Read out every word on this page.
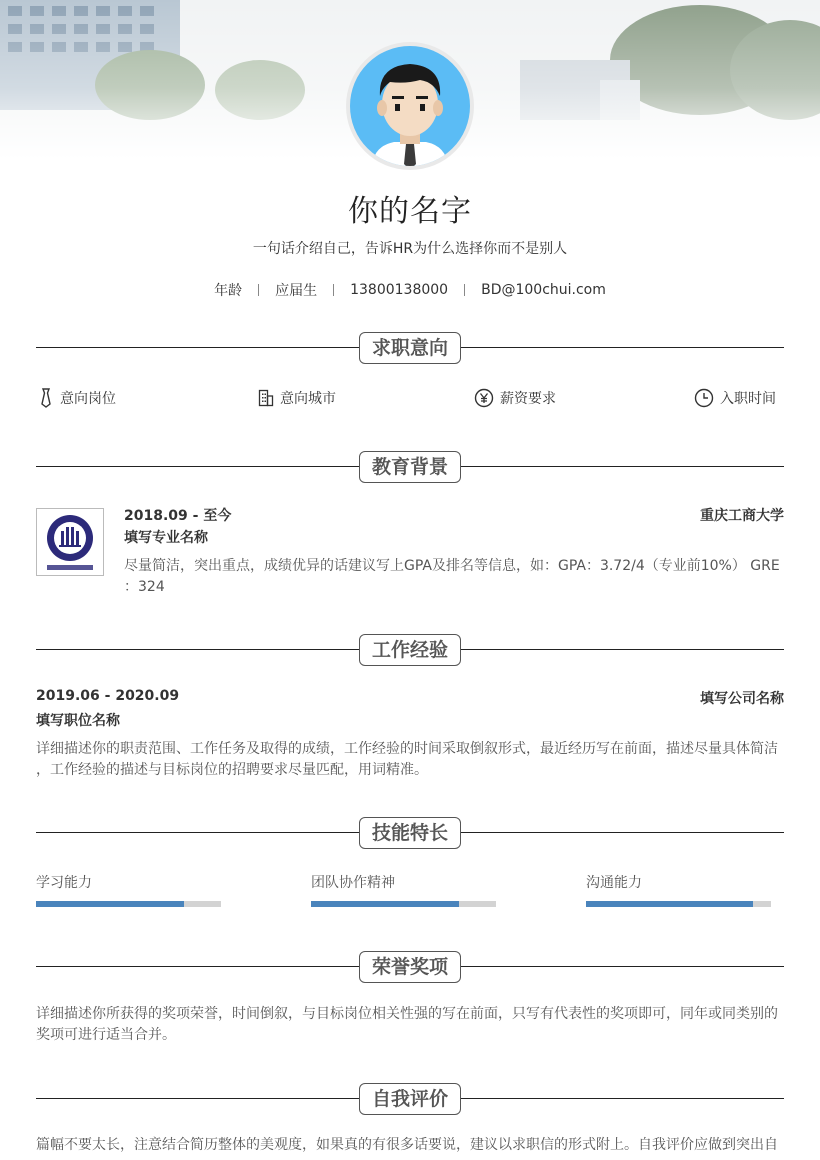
你的名字
一句话介绍自己，告诉HR为什么选择你而不是别人
年龄 应届生 13800138000 BD@100chui.com
求职意向
意向岗位	意向城市	薪资要求	入职时间
教育背景
2018.09 - 至今	重庆工商大学
填写专业名称
尽量简洁，突出重点，成绩优异的话建议写上GPA及排名等信息，如：GPA：3.72/4（专业前10%） GRE
：324
工作经验
2019.06 - 2020.09	填写公司名称
填写职位名称
详细描述你的职责范围、工作任务及取得的成绩，工作经验的时间采取倒叙形式，最近经历写在前面，描述尽量具体简洁
，工作经验的描述与目标岗位的招聘要求尽量匹配，用词精准。
技能特长
学习能力	团队协作精神	沟通能力
荣誉奖项
详细描述你所获得的奖项荣誉，时间倒叙，与目标岗位相关性强的写在前面，只写有代表性的奖项即可，同年或同类别的
奖项可进行适当合并。
自我评价
篇幅不要太长，注意结合简历整体的美观度，如果真的有很多话要说，建议以求职信的形式附上。自我评价应做到突出自
